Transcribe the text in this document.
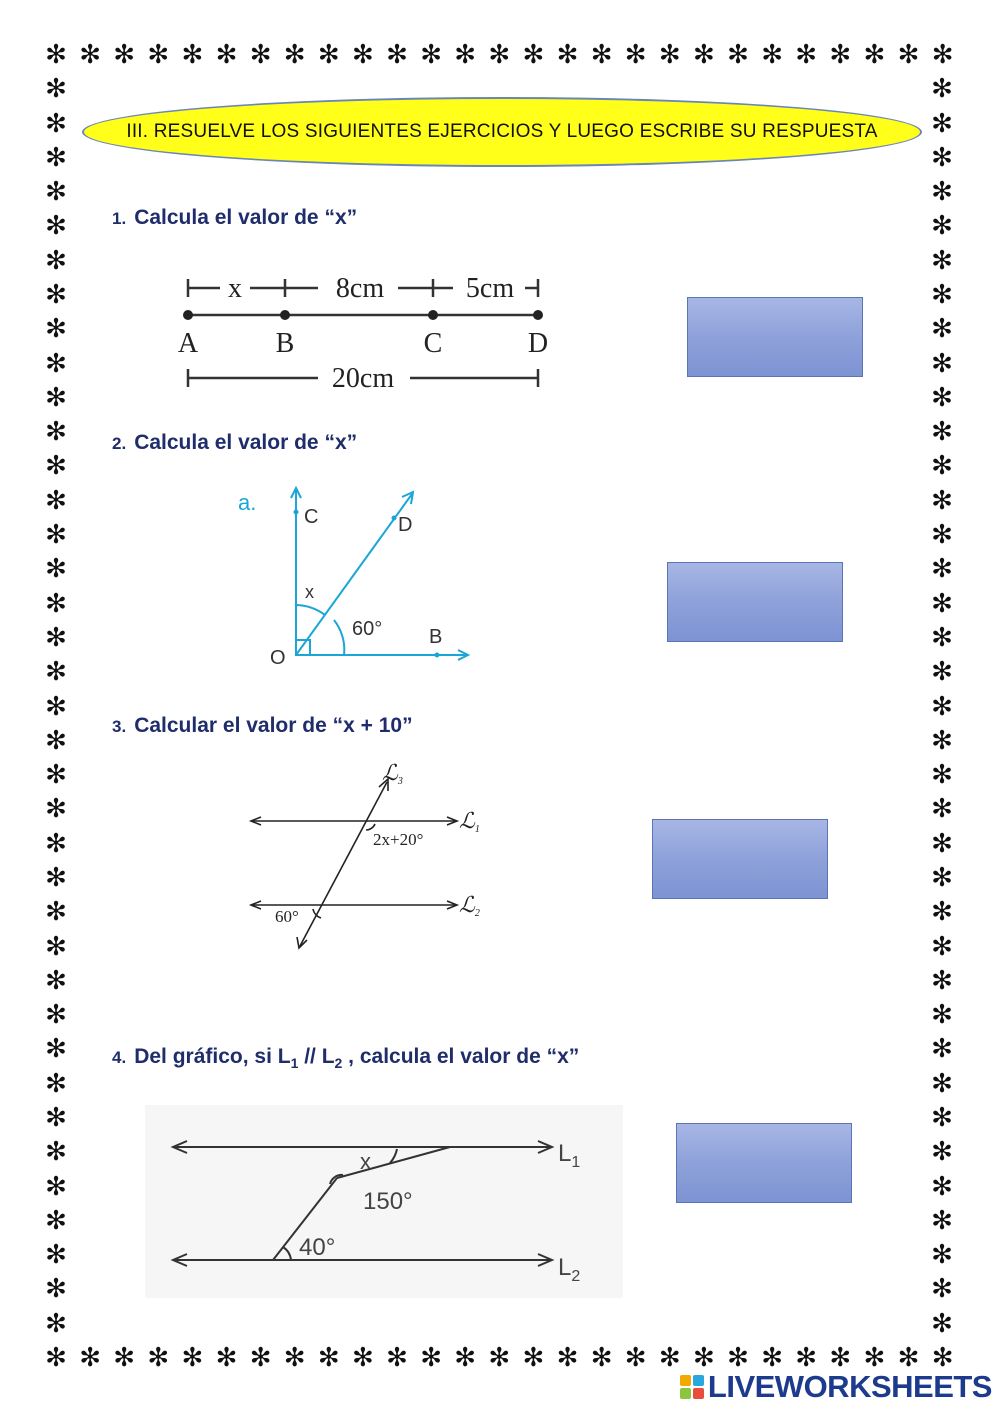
✻
✻
✻
✻
✻
✻
✻
✻
✻
✻
✻
✻
✻
✻
✻
✻
✻
✻
✻
✻
✻
✻
✻
✻
✻
✻
✻
✻
✻
✻
✻
✻
✻
✻
✻
✻
✻
✻
✻
✻
✻
✻
✻
✻
✻
✻
✻
✻
✻
✻
✻
✻
✻
✻
✻	✻
✻	✻
✻	✻
✻	✻
✻	✻
✻	✻
✻	✻
✻	✻
✻	✻
✻	✻
✻	✻
✻	✻
✻	✻
✻	✻
✻	✻
✻	✻
✻	✻
✻	✻
✻	✻
✻	✻
✻	✻
✻	✻
✻	✻
✻	✻
✻	✻
✻	✻
✻	✻
✻	✻
✻	✻
✻	✻
✻	✻
✻	✻
✻	✻
✻	✻
✻	✻
✻	✻
✻	✻
III. RESUELVE LOS SIGUIENTES EJERCICIOS Y LUEGO ESCRIBE SU RESPUESTA
1. Calcula el valor de “x”
x	8cm	5cm
A	B	C	D
20cm
2. Calcula el valor de “x”
a.
C	D
x
60°
O
B
3. Calcular el valor de “x + 10”
ℒ3
ℒ1
ℒ2
2x+20°
60°
4. Del gráfico, si $L_1 // L_2$ , calcula el valor de “x”
x
150°
40°
$L_1$
$L_2$
LIVEWORKSHEETS
